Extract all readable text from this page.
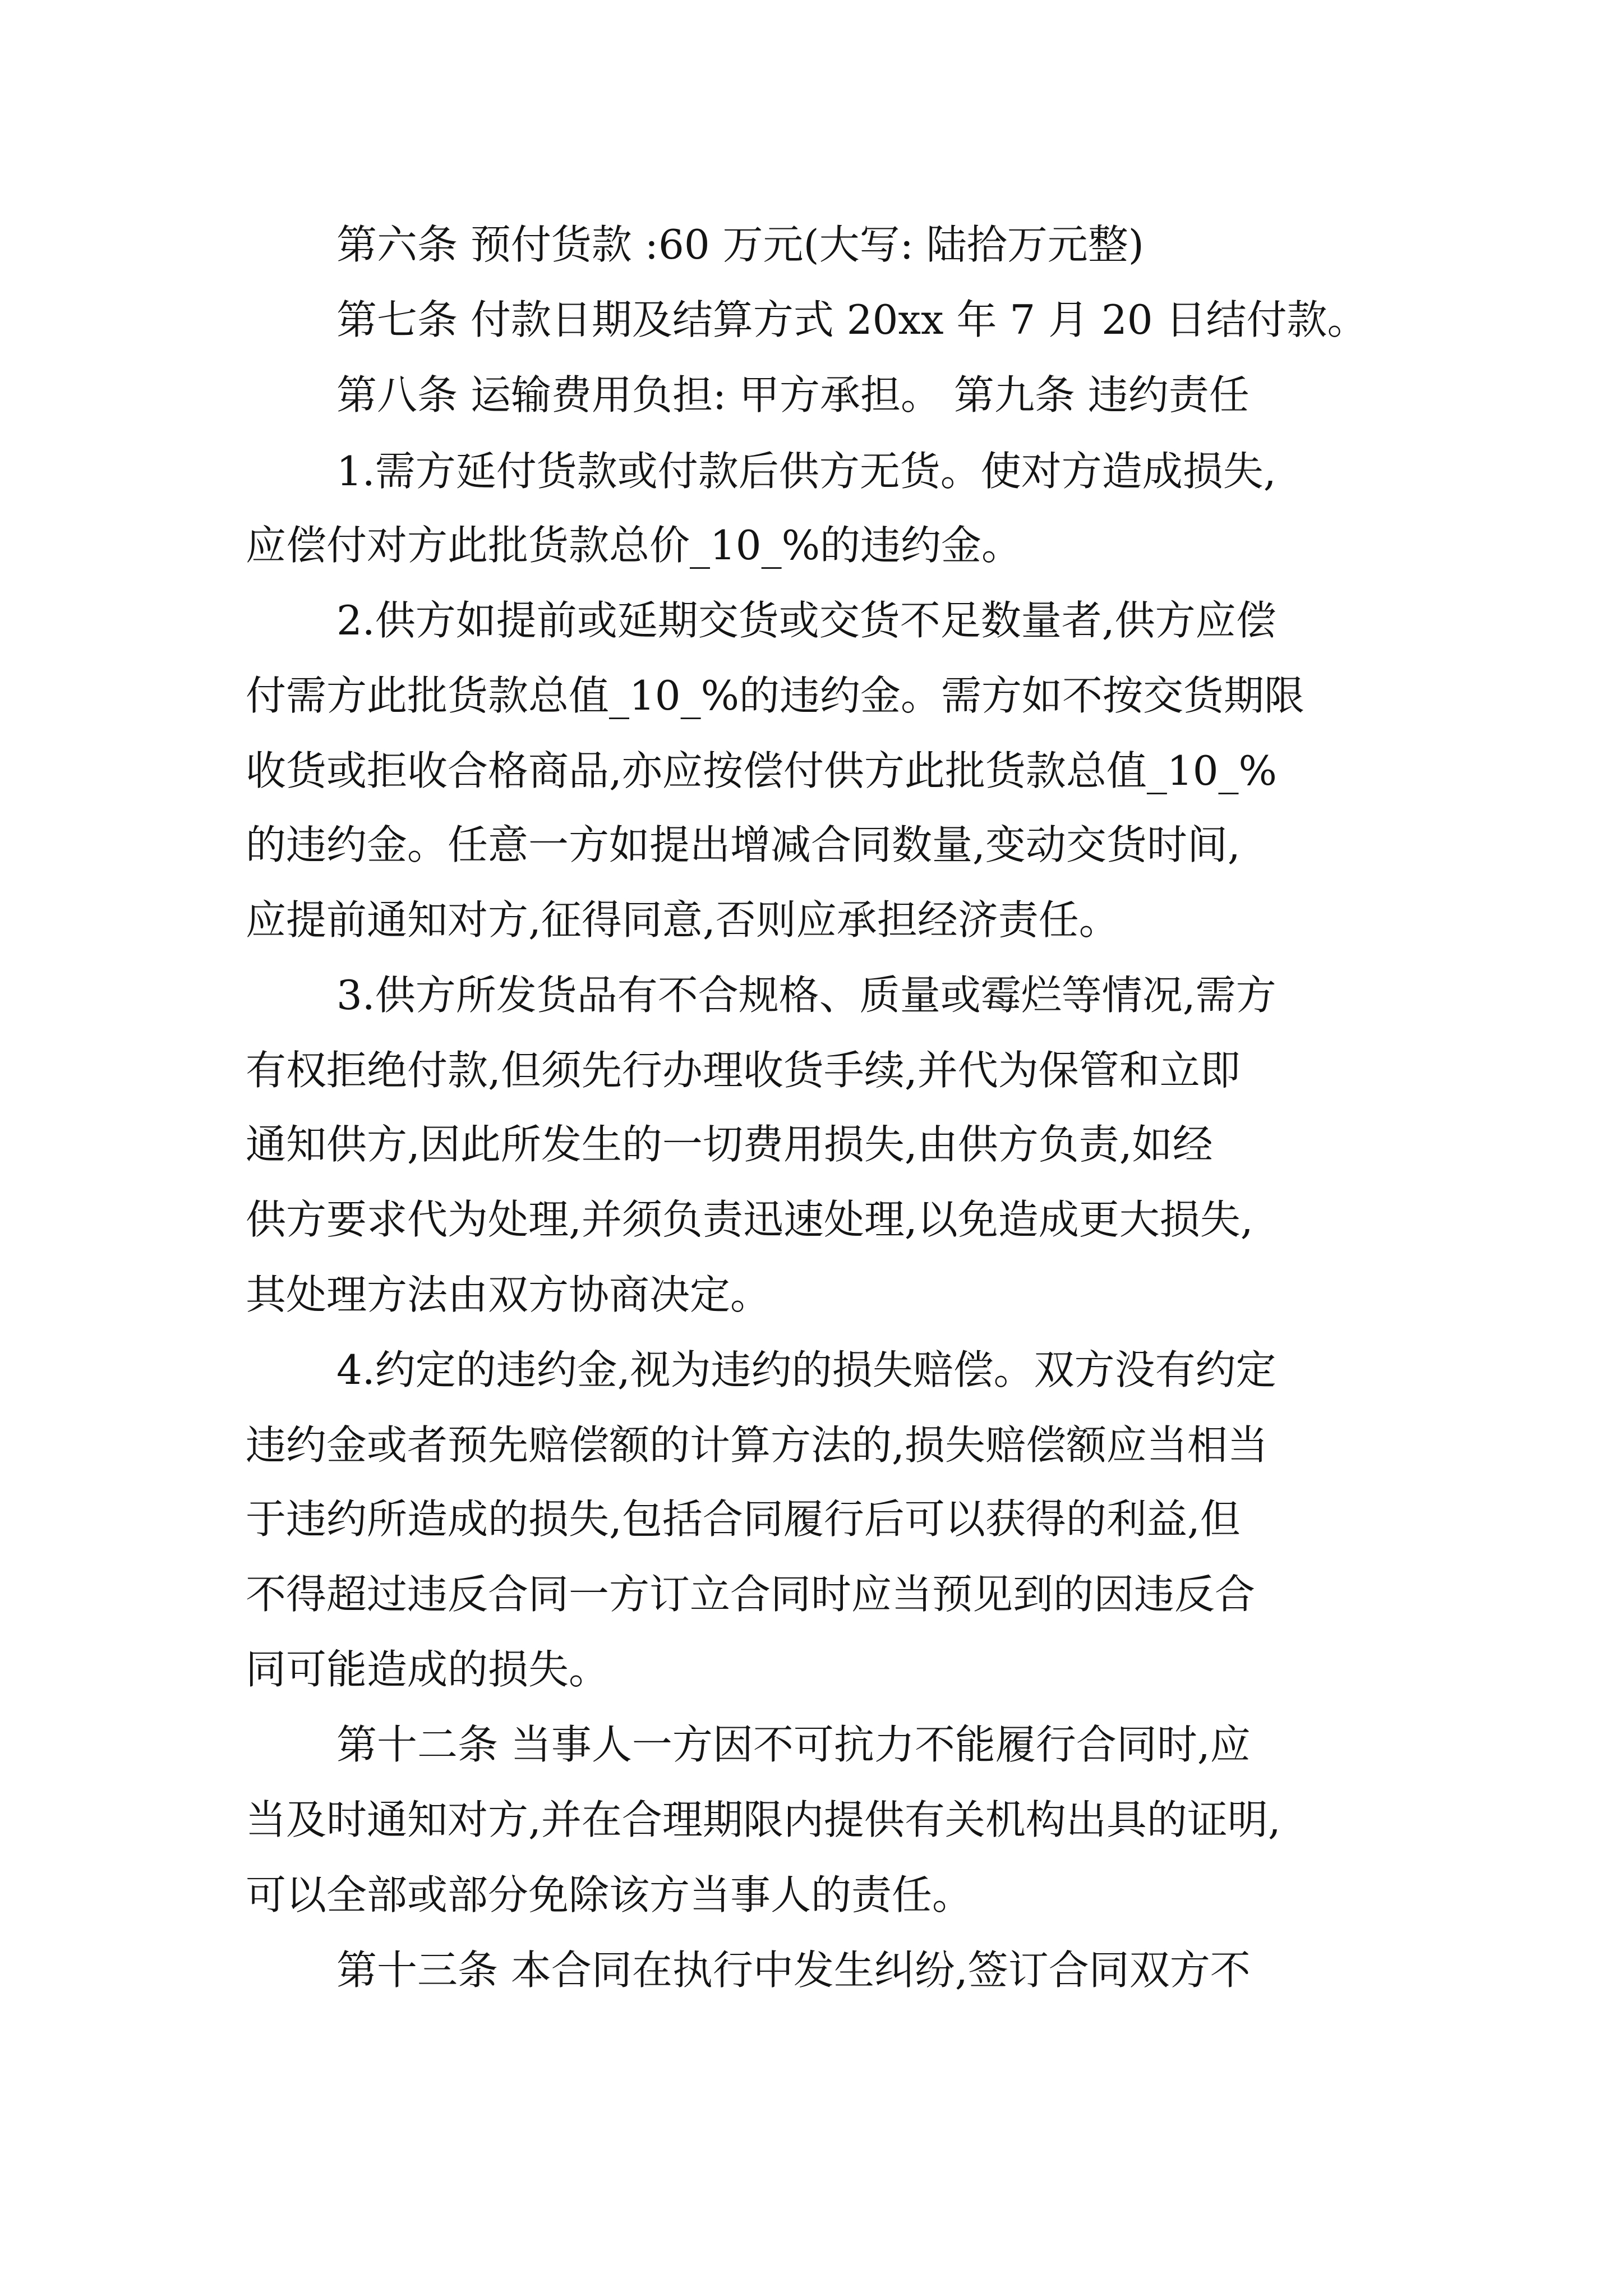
第六条 预付货款 :60 万元(大写: 陆拾万元整)
第七条 付款日期及结算方式 20xx 年 7 月 20 日结付款。
第八条 运输费用负担: 甲方承担。 第九条 违约责任
1.需方延付货款或付款后供方无货。使对方造成损失,
应偿付对方此批货款总价_10_%的违约金。
2.供方如提前或延期交货或交货不足数量者,供方应偿
付需方此批货款总值_10_%的违约金。需方如不按交货期限
收货或拒收合格商品,亦应按偿付供方此批货款总值_10_%
的违约金。任意一方如提出增减合同数量,变动交货时间,
应提前通知对方,征得同意,否则应承担经济责任。
3.供方所发货品有不合规格、质量或霉烂等情况,需方
有权拒绝付款,但须先行办理收货手续,并代为保管和立即
通知供方,因此所发生的一切费用损失,由供方负责,如经
供方要求代为处理,并须负责迅速处理,以免造成更大损失,
其处理方法由双方协商决定。
4.约定的违约金,视为违约的损失赔偿。双方没有约定
违约金或者预先赔偿额的计算方法的,损失赔偿额应当相当
于违约所造成的损失,包括合同履行后可以获得的利益,但
不得超过违反合同一方订立合同时应当预见到的因违反合
同可能造成的损失。
第十二条 当事人一方因不可抗力不能履行合同时,应
当及时通知对方,并在合理期限内提供有关机构出具的证明,
可以全部或部分免除该方当事人的责任。
第十三条 本合同在执行中发生纠纷,签订合同双方不
